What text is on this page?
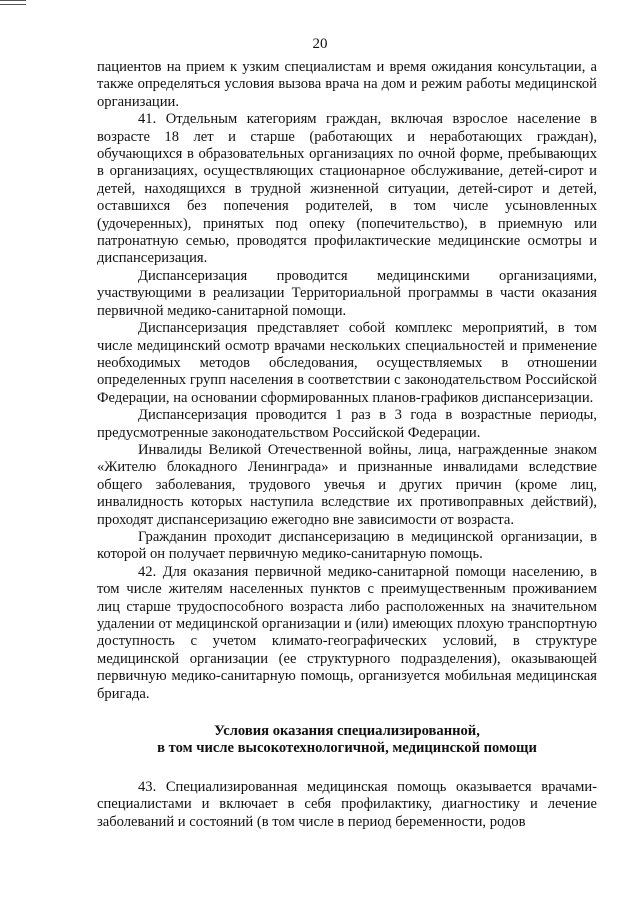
20

пациентов на прием к узким специалистам и время ожидания консультации, а также определяться условия вызова врача на дом и режим работы медицинской организации.

41. Отдельным категориям граждан, включая взрослое население в возрасте 18 лет и старше (работающих и неработающих граждан), обучающихся в образовательных организациях по очной форме, пребывающих в организациях, осуществляющих стационарное обслуживание, детей-сирот и детей, находящихся в трудной жизненной ситуации, детей-сирот и детей, оставшихся без попечения родителей, в том числе усыновленных (удочеренных), принятых под опеку (попечительство), в приемную или патронатную семью, проводятся профилактические медицинские осмотры и диспансеризация.

Диспансеризация проводится медицинскими организациями, участвующими в реализации Территориальной программы в части оказания первичной медико-санитарной помощи.

Диспансеризация представляет собой комплекс мероприятий, в том числе медицинский осмотр врачами нескольких специальностей и применение необходимых методов обследования, осуществляемых в отношении определенных групп населения в соответствии с законодательством Российской Федерации, на основании сформированных планов-графиков диспансеризации.

Диспансеризация проводится 1 раз в 3 года в возрастные периоды, предусмотренные законодательством Российской Федерации.

Инвалиды Великой Отечественной войны, лица, награжденные знаком «Жителю блокадного Ленинграда» и признанные инвалидами вследствие общего заболевания, трудового увечья и других причин (кроме лиц, инвалидность которых наступила вследствие их противоправных действий), проходят диспансеризацию ежегодно вне зависимости от возраста.

Гражданин проходит диспансеризацию в медицинской организации, в которой он получает первичную медико-санитарную помощь.

42. Для оказания первичной медико-санитарной помощи населению, в том числе жителям населенных пунктов с преимущественным проживанием лиц старше трудоспособного возраста либо расположенных на значительном удалении от медицинской организации и (или) имеющих плохую транспортную доступность с учетом климато-географических условий, в структуре медицинской организации (ее структурного подразделения), оказывающей первичную медико-санитарную помощь, организуется мобильная медицинская бригада.

Условия оказания специализированной,
в том числе высокотехнологичной, медицинской помощи

43. Специализированная медицинская помощь оказывается врачами-специалистами и включает в себя профилактику, диагностику и лечение заболеваний и состояний (в том числе в период беременности, родов
